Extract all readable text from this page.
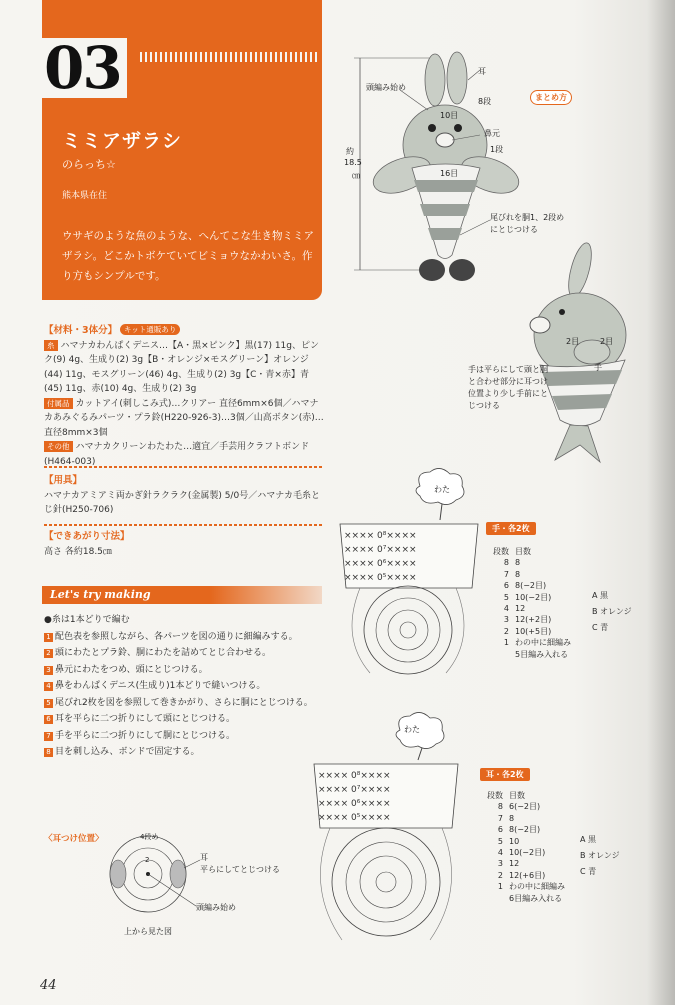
03
ミミアザラシ
のらっち☆
熊本県在住
ウサギのような魚のような、へんてこな生き物ミミアザラシ。どこかトボケていてビミョウなかわいさ。作り方もシンプルです。
【材料・3体分】 キット通販あり
糸 ハマナカわんぱくデニス…【A・黒×ピンク】黒(17) 11g、ピンク(9) 4g、生成り(2) 3g【B・オレンジ×モスグリーン】オレンジ(44) 11g、モスグリーン(46) 4g、生成り(2) 3g【C・青×赤】青(45) 11g、赤(10) 4g、生成り(2) 3g
付属品 カットアイ(刺しこみ式)…クリアー 直径6mm×6個／ハマナカあみぐるみパーツ・プラ鈴(H220-926-3)…3個／山高ボタン(赤)…直径8mm×3個
その他 ハマナカクリーンわたわた…適宜／手芸用クラフトボンド(H464-003)
【用具】
ハマナカアミアミ両かぎ針ラクラク(金属製) 5/0号／ハマナカ毛糸とじ針(H250-706)
【できあがり寸法】
高さ 各約18.5㎝
Let's try making
●糸は1本どりで編む
1 配色表を参照しながら、各パーツを図の通りに細編みする。
2 頭にわたとプラ鈴、胴にわたを詰めてとじ合わせる。
3 鼻元にわたをつめ、頭にとじつける。
4 鼻をわんぱくデニス(生成り)1本どりで縫いつける。
5 尾びれ2枚を図を参照して巻きかがり、さらに胴にとじつける。
6 耳を平らに二つ折りにして頭にとじつける。
7 手を平らに二つ折りにして胴にとじつける。
8 目を刺し込み、ボンドで固定する。
耳
頭編み始め
8段
10目
鼻元
1段
16目
約
18.5
㎝
尾びれを胴1、2段めにとじつける
まとめ方
2目	2目
手
手は平らにして頭と胴と合わせ部分に耳つけ位置より少し手前にとじつける
×××× 0⁸××××
×××× 0⁷××××
×××× 0⁶××××
×××× 0⁵××××
わた
手・各2枚
段数	目数
8	8
7	8
6	8(−2目)
5	10(−2目)
4	12
3	12(+2目)
2	10(+5目)
1	わの中に細編み
	5目編み入れる
A 黒
B オレンジ
C 青
×××× 0⁸××××
×××× 0⁷××××
×××× 0⁶××××
×××× 0⁵××××
わた
耳・各2枚
段数	目数
8	6(−2目)
7	8
6	8(−2目)
5	10
4	10(−2目)
3	12
2	12(+6目)
1	わの中に細編み
	6目編み入れる
A 黒
B オレンジ
C 青
〈耳つけ位置〉	4段め
2	耳
平らにしてとじつける
頭編み始め
上から見た図
44
